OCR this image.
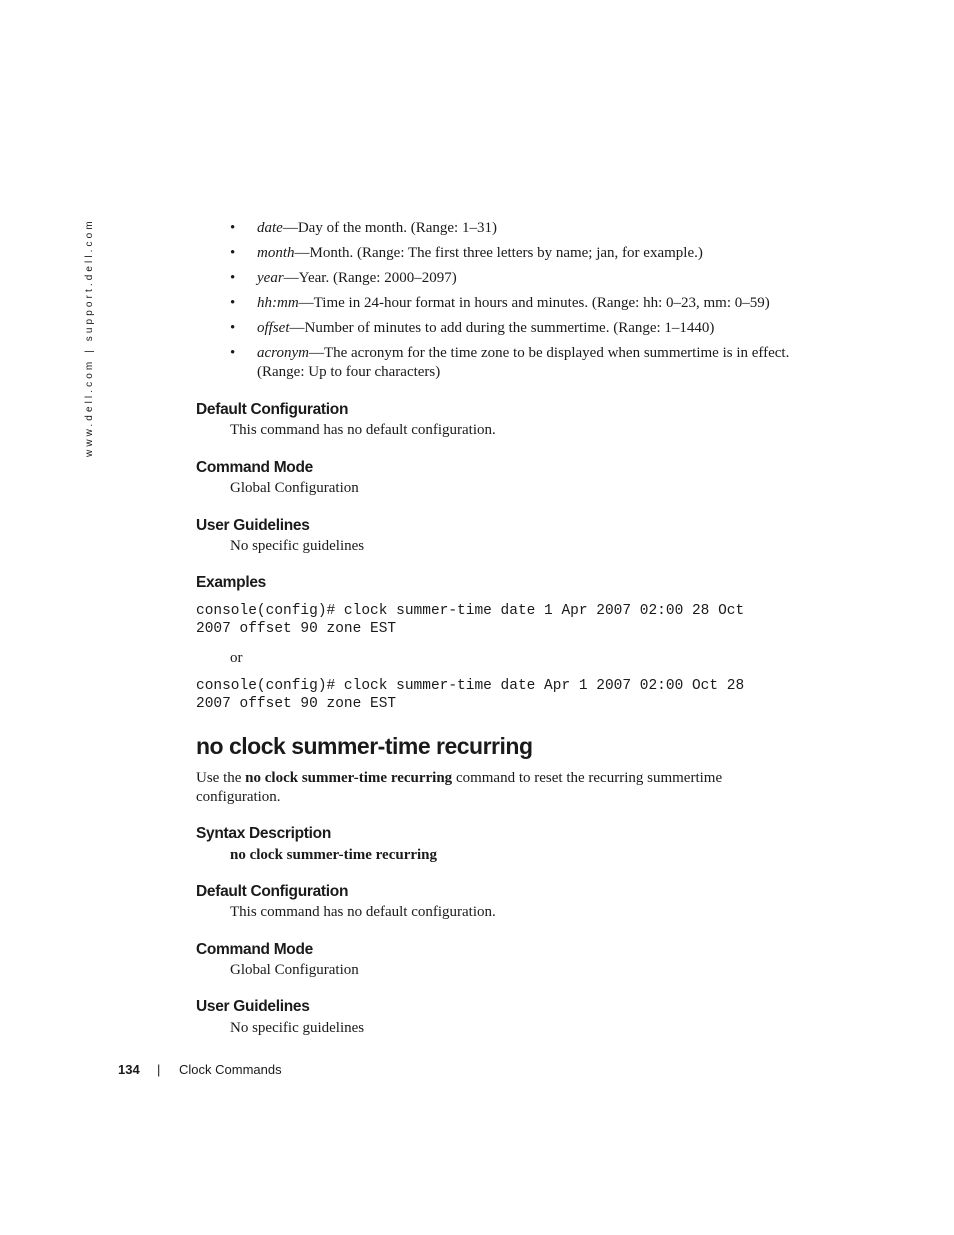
www.dell.com | support.dell.com	• date—Day of the month. (Range: 1–31)
• month—Month. (Range: The first three letters by name; jan, for example.)
• year—Year. (Range: 2000–2097)
• hh:mm—Time in 24-hour format in hours and minutes. (Range: hh: 0–23, mm: 0–59)
• offset—Number of minutes to add during the summertime. (Range: 1–1440)
• acronym—The acronym for the time zone to be displayed when summertime is in effect. (Range: Up to four characters)
Default Configuration
This command has no default configuration.
Command Mode
Global Configuration
User Guidelines
No specific guidelines
Examples
console(config)# clock summer-time date 1 Apr 2007 02:00 28 Oct
2007 offset 90 zone EST
or
console(config)# clock summer-time date Apr 1 2007 02:00 Oct 28
2007 offset 90 zone EST
no clock summer-time recurring
Use the no clock summer-time recurring command to reset the recurring summertime configuration.
Syntax Description
no clock summer-time recurring
Default Configuration
This command has no default configuration.
Command Mode
Global Configuration
User Guidelines
No specific guidelines
134 | Clock Commands
